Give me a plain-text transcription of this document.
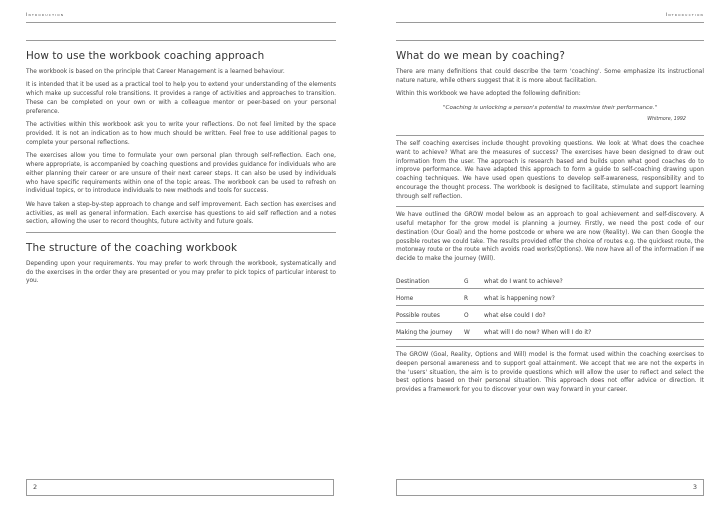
Introduction
How to use the workbook coaching approach

The workbook is based on the principle that Career Management is a learned behaviour.

It is intended that it be used as a practical tool to help you to extend your understanding of the elements which make up successful role transitions. It provides a range of activities and approaches to transition. These can be completed on your own or with a colleague mentor or peer-based on your personal preference.

The activities within this workbook ask you to write your reflections. Do not feel limited by the space provided. It is not an indication as to how much should be written. Feel free to use additional pages to complete your personal reflections.

The exercises allow you time to formulate your own personal plan through self-reflection. Each one, where appropriate, is accompanied by coaching questions and provides guidance for individuals who are either planning their career or are unsure of their next career steps. It can also be used by individuals who have specific requirements within one of the topic areas. The workbook can be used to refresh on individual topics, or to introduce individuals to new methods and tools for success.

We have taken a step-by-step approach to change and self improvement. Each section has exercises and activities, as well as general information. Each exercise has questions to aid self reflection and a notes section, allowing the user to record thoughts, future activity and future goals.

The structure of the coaching workbook

Depending upon your requirements. You may prefer to work through the workbook, systematically and do the exercises in the order they are presented or you may prefer to pick topics of particular interest to you.

2
Introduction
What do we mean by coaching?

There are many definitions that could describe the term 'coaching'. Some emphasize its instructional nature nature, while others suggest that it is more about facilitation.

Within this workbook we have adopted the following definition:

"Coaching is unlocking a person's potential to maximise their performance."

Whitmore, 1992

The self coaching exercises include thought provoking questions. We look at What does the coachee want to achieve? What are the measures of success? The exercises have been designed to draw out information from the user. The approach is research based and builds upon what good coaches do to improve performance. We have adapted this approach to form a guide to self-coaching drawing upon coaching techniques. We have used open questions to develop self-awareness, responsibility and to encourage the thought process. The workbook is designed to facilitate, stimulate and support learning through self reflection.

We have outlined the GROW model below as an approach to goal achievement and self-discovery. A useful metaphor for the grow model is planning a journey. Firstly, we need the post code of our destination (Our Goal) and the home postcode or where we are now (Reality). We can then Google the possible routes we could take. The results provided offer the choice of routes e.g. the quickest route, the motorway route or the route which avoids road works(Options). We now have all of the information if we decide to make the journey (Will).

Destination	G	what do I want to achieve?
Home	R	what is happening now?
Possible routes	O	what else could I do?
Making the journey	W	what will I do now? When will I do it?

The GROW (Goal, Reality, Options and Will) model is the format used within the coaching exercises to deepen personal awareness and to support goal attainment. We accept that we are not the experts in the 'users' situation, the aim is to provide questions which will allow the user to reflect and select the best options based on their personal situation. This approach does not offer advice or direction. It provides a framework for you to discover your own way forward in your career.

3
